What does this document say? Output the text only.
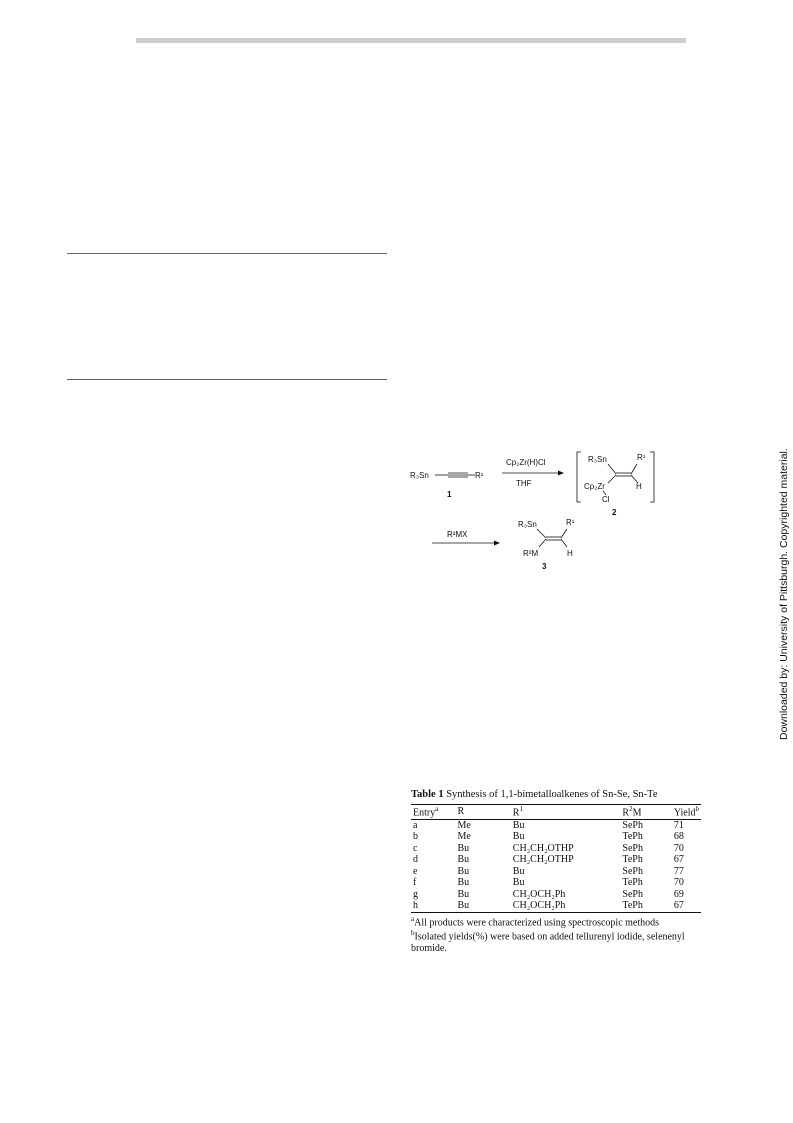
Downloaded by: University of Pittsburgh. Copyrighted material.
R₃Sn	R¹
1
Cp₂Zr(H)Cl
THF
R₃Sn	R¹
H
Cp₂Zr
Cl
2
R²MX
R₃Sn	R¹
H
R²M
3
Table 1 Synthesis of 1,1-bimetalloalkenes of Sn-Se, Sn-Te
Entry$^a$	R	$R^1$	$R^2M$	Yield$^b$
a	Me	Bu	SePh	71
b	Me	Bu	TePh	68
c	Bu	CH₂CH₂OTHP	SePh	70
d	Bu	CH₂CH₂OTHP	TePh	67
e	Bu	Bu	SePh	77
f	Bu	Bu	TePh	70
g	Bu	CH₂OCH₂Ph	SePh	69
h	Bu	CH₂OCH₂Ph	TePh	67
$^a$All products were characterized using spectroscopic methods
$^b$Isolated yields(%) were based on added tellurenyl iodide, selenenyl bromide.
